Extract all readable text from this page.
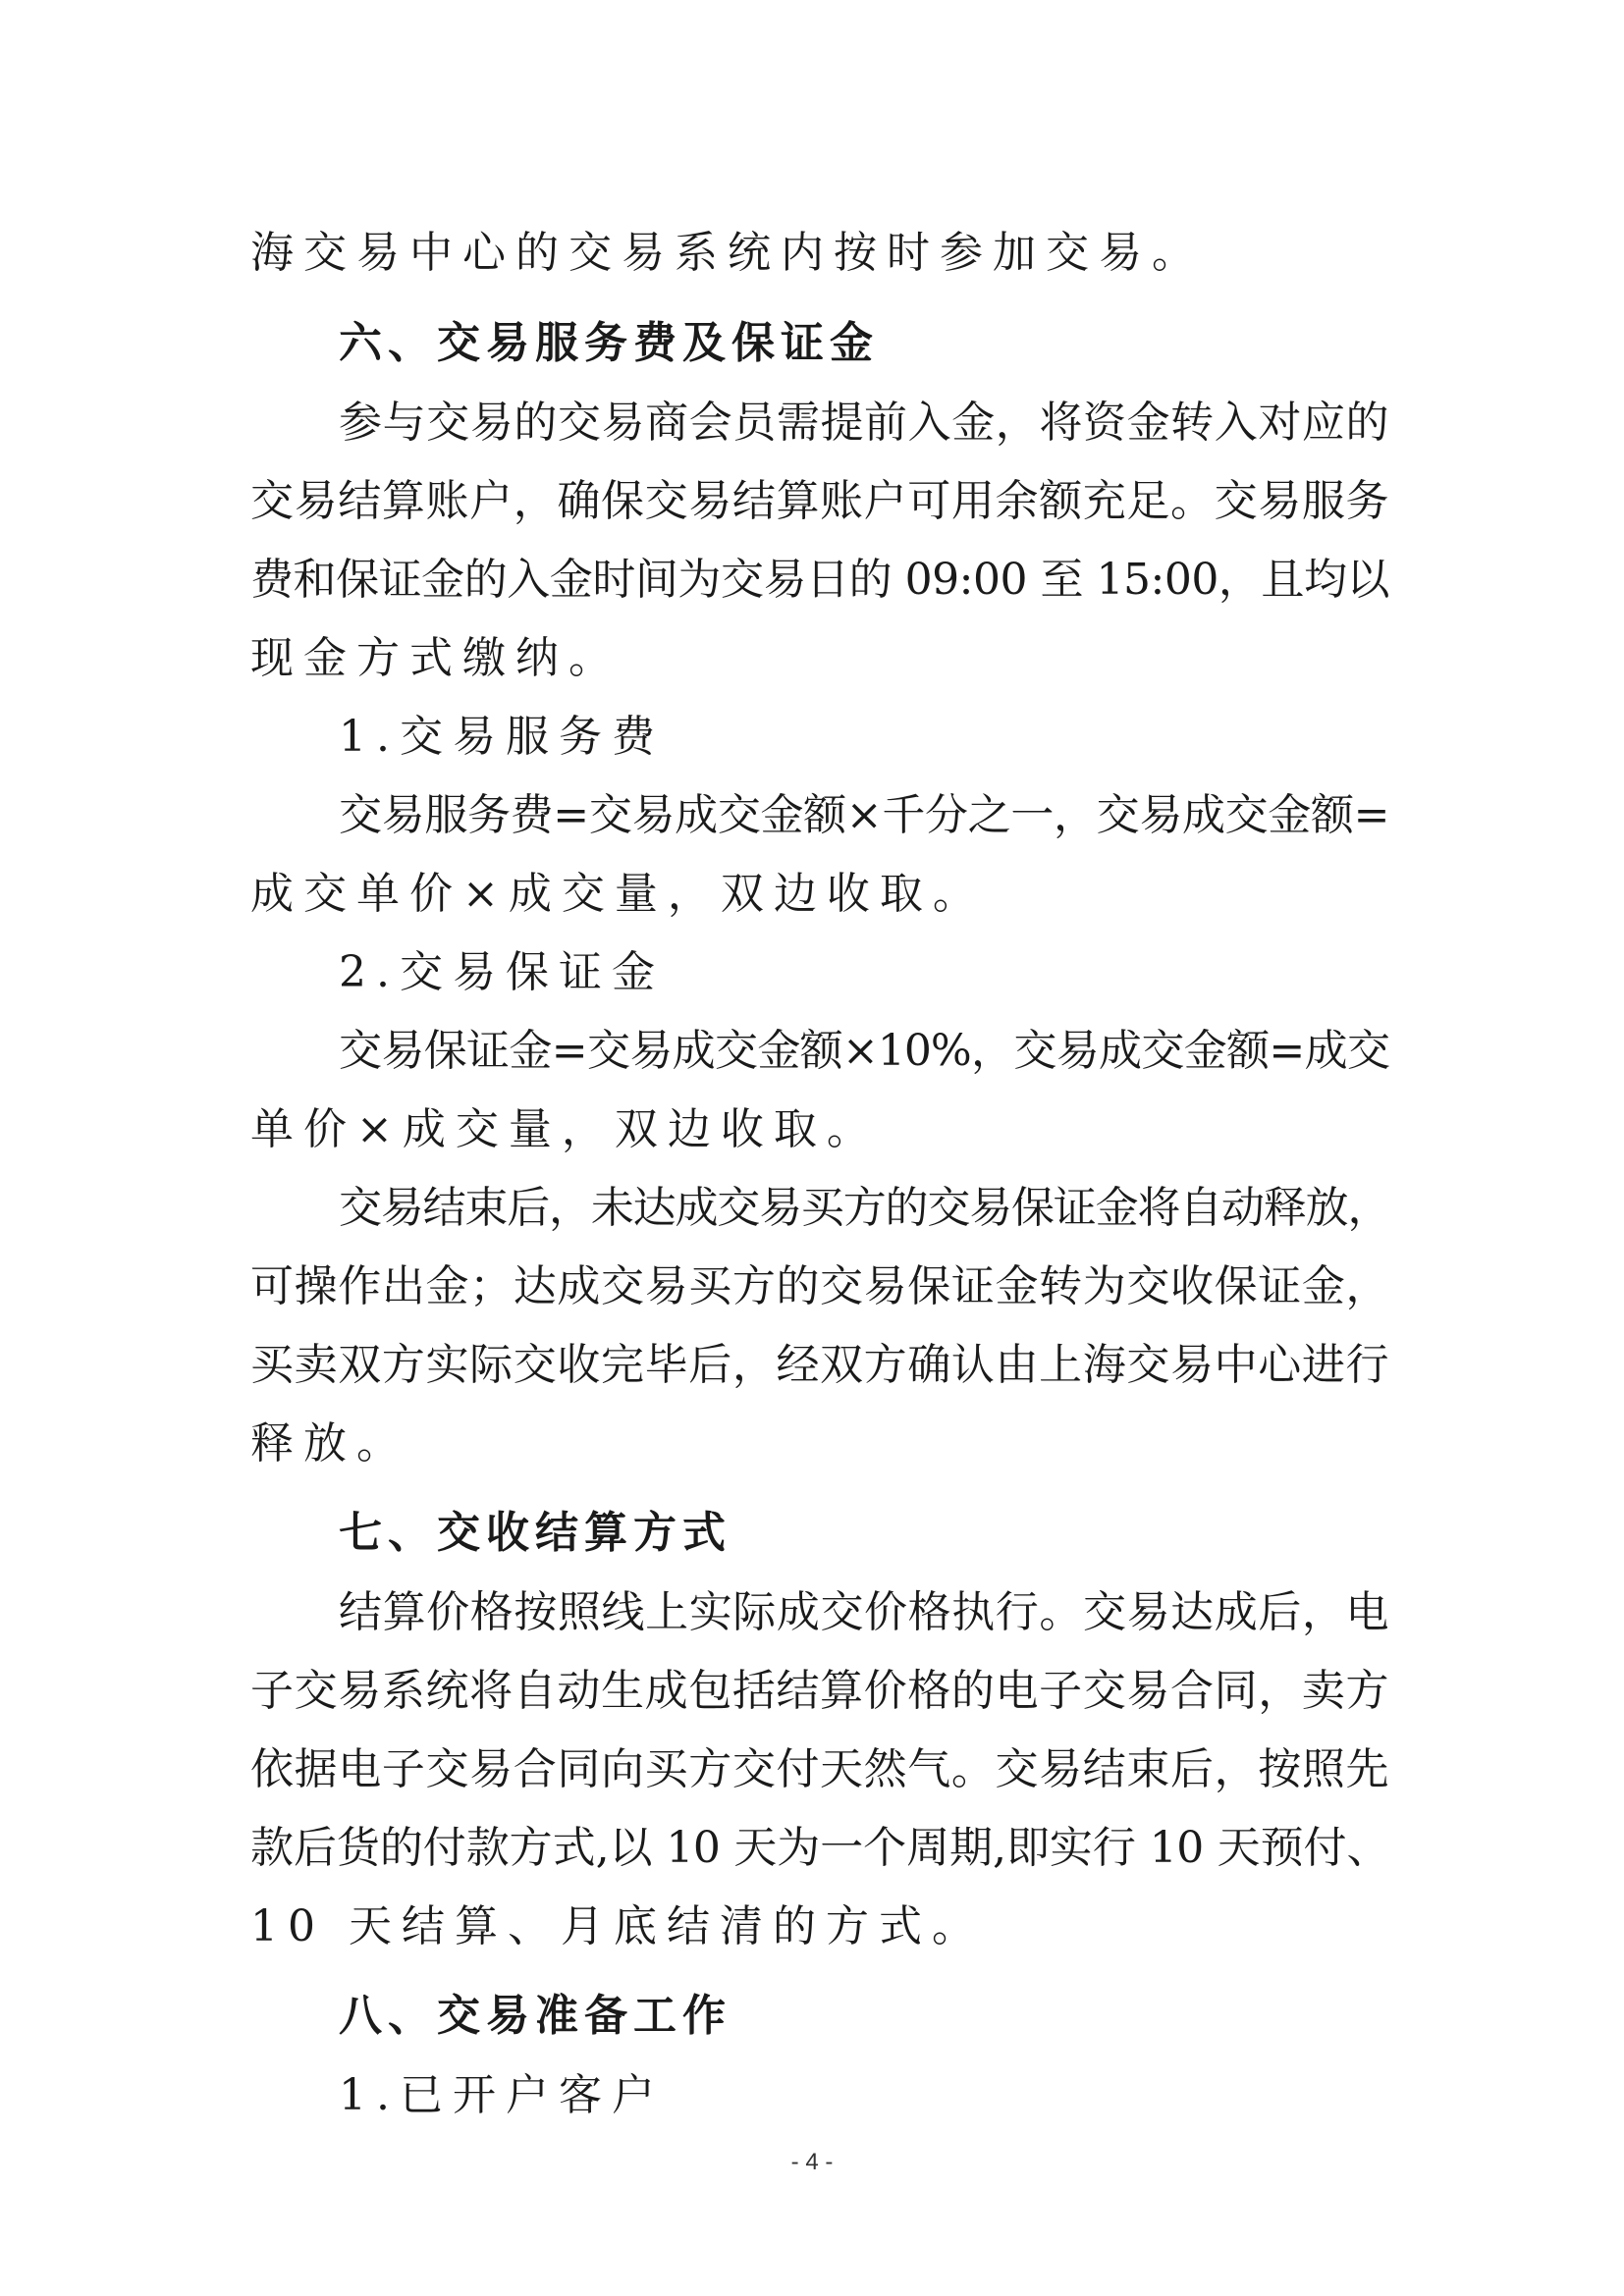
海交易中心的交易系统内按时参加交易。
六、交易服务费及保证金
参与交易的交易商会员需提前入金，将资金转入对应的
交易结算账户，确保交易结算账户可用余额充足。交易服务
费和保证金的入金时间为交易日的 09:00 至 15:00，且均以
现金方式缴纳。
1.交易服务费
交易服务费=交易成交金额×千分之一，交易成交金额=
成交单价×成交量，双边收取。
2.交易保证金
交易保证金=交易成交金额×10%，交易成交金额=成交
单价×成交量，双边收取。
交易结束后，未达成交易买方的交易保证金将自动释放，
可操作出金；达成交易买方的交易保证金转为交收保证金，
买卖双方实际交收完毕后，经双方确认由上海交易中心进行
释放。
七、交收结算方式
结算价格按照线上实际成交价格执行。交易达成后，电
子交易系统将自动生成包括结算价格的电子交易合同，卖方
依据电子交易合同向买方交付天然气。交易结束后，按照先
款后货的付款方式,以 10 天为一个周期,即实行 10 天预付、
10 天结算、月底结清的方式。
八、交易准备工作
1.已开户客户
- 4 -
